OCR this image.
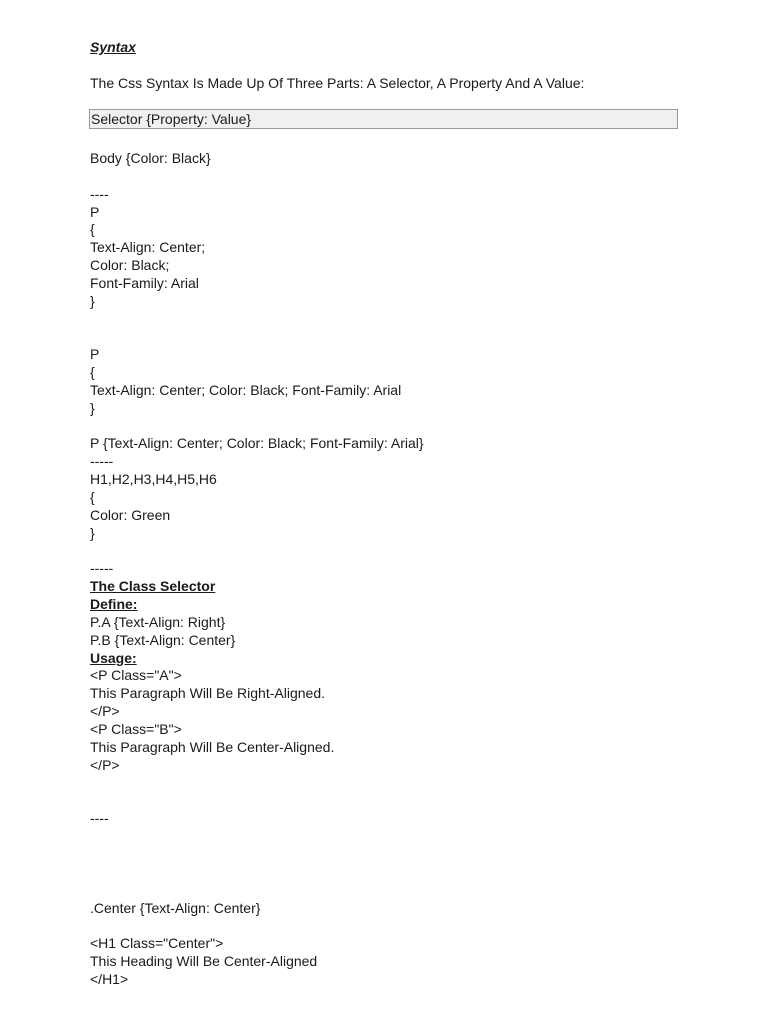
Syntax
The Css Syntax Is Made Up Of Three Parts: A Selector, A Property And A Value:
Selector {Property: Value}
Body {Color: Black}
----
P
{
Text-Align: Center;
Color: Black;
Font-Family: Arial
}
P
{
Text-Align: Center; Color: Black; Font-Family: Arial
}
P {Text-Align: Center; Color: Black; Font-Family: Arial}
-----
H1,H2,H3,H4,H5,H6
{
Color: Green
}
-----
The Class Selector
Define:
P.A {Text-Align: Right}
P.B {Text-Align: Center}
Usage:
<P Class="A">
This Paragraph Will Be Right-Aligned.
</P>
<P Class="B">
This Paragraph Will Be Center-Aligned.
</P>
----
.Center {Text-Align: Center}
<H1 Class="Center">
This Heading Will Be Center-Aligned
</H1>
